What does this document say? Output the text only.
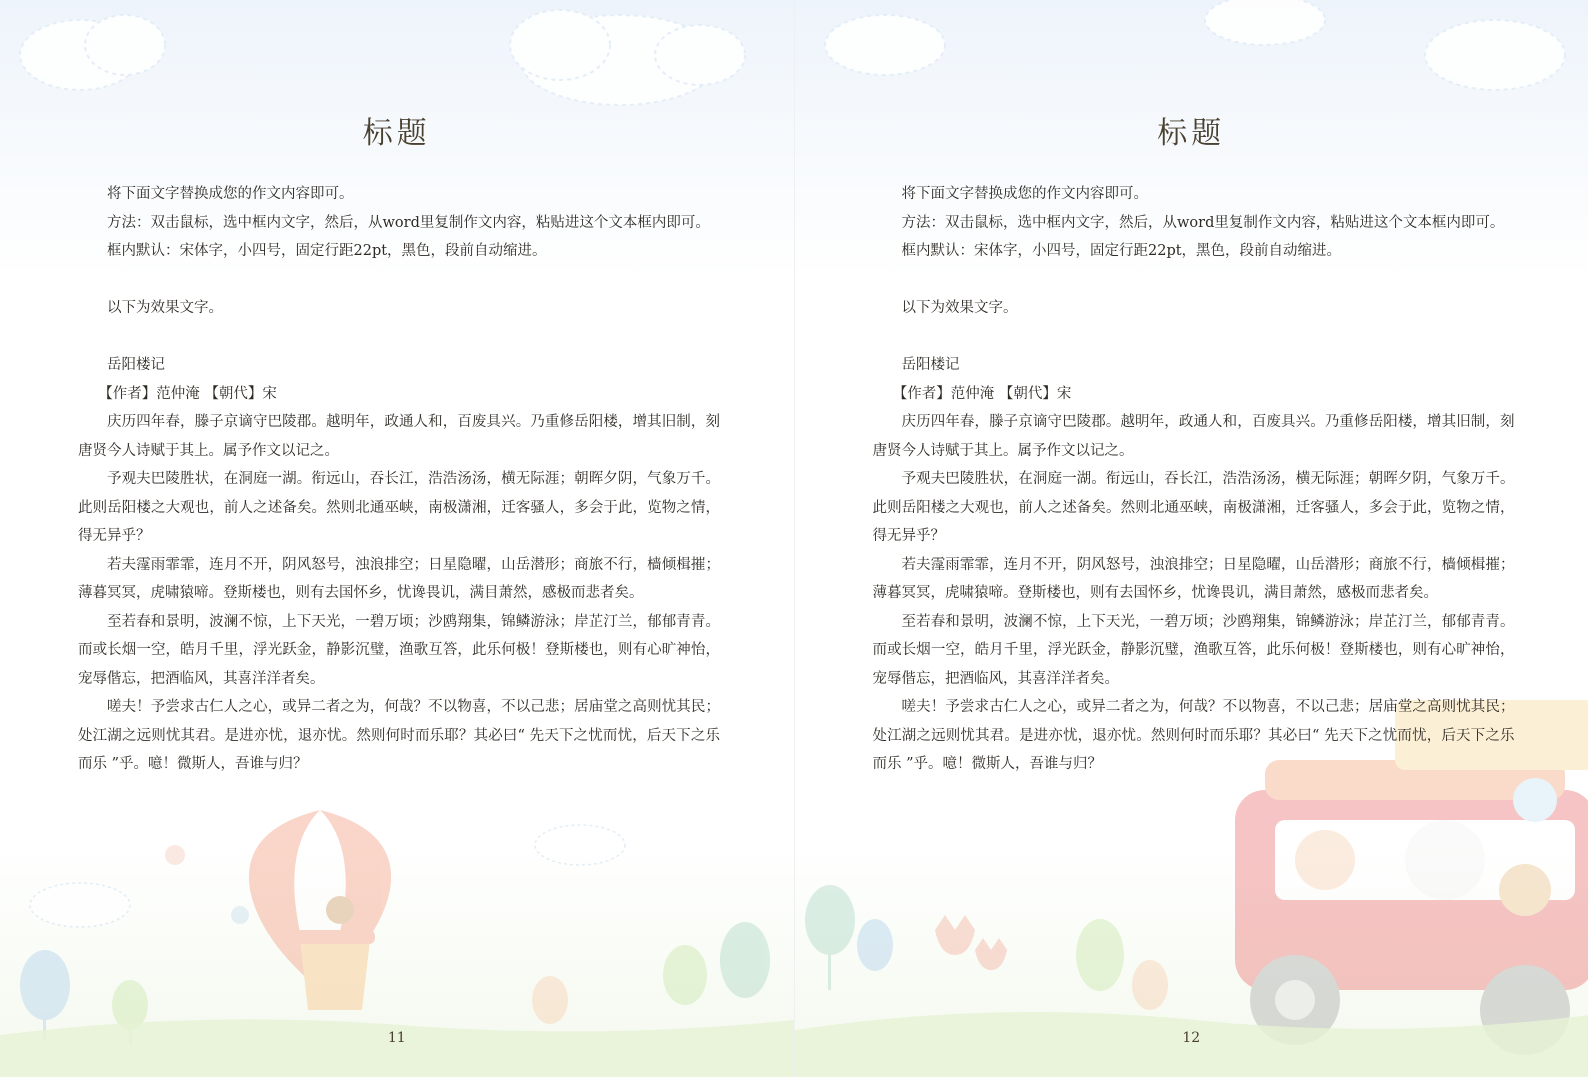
标题

将下面文字替换成您的作文内容即可。

方法：双击鼠标，选中框内文字，然后，从word里复制作文内容，粘贴进这个文本框内即可。

框内默认：宋体字，小四号，固定行距22pt，黑色，段前自动缩进。

以下为效果文字。

岳阳楼记

【作者】范仲淹 【朝代】宋

庆历四年春，滕子京谪守巴陵郡。越明年，政通人和，百废具兴。乃重修岳阳楼，增其旧制，刻唐贤今人诗赋于其上。属予作文以记之。

予观夫巴陵胜状，在洞庭一湖。衔远山，吞长江，浩浩汤汤，横无际涯；朝晖夕阴，气象万千。此则岳阳楼之大观也，前人之述备矣。然则北通巫峡，南极潇湘，迁客骚人，多会于此，览物之情，得无异乎？

若夫霪雨霏霏，连月不开，阴风怒号，浊浪排空；日星隐曜，山岳潜形；商旅不行，樯倾楫摧；薄暮冥冥，虎啸猿啼。登斯楼也，则有去国怀乡，忧谗畏讥，满目萧然，感极而悲者矣。

至若春和景明，波澜不惊，上下天光，一碧万顷；沙鸥翔集，锦鳞游泳；岸芷汀兰，郁郁青青。而或长烟一空，皓月千里，浮光跃金，静影沉璧，渔歌互答，此乐何极！登斯楼也，则有心旷神怡，宠辱偕忘，把酒临风，其喜洋洋者矣。

嗟夫！予尝求古仁人之心，或异二者之为，何哉？不以物喜，不以己悲；居庙堂之高则忧其民；处江湖之远则忧其君。是进亦忧，退亦忧。然则何时而乐耶？其必曰“ 先天下之忧而忧，后天下之乐而乐 ”乎。噫！微斯人，吾谁与归？

11
标题

将下面文字替换成您的作文内容即可。

方法：双击鼠标，选中框内文字，然后，从word里复制作文内容，粘贴进这个文本框内即可。

框内默认：宋体字，小四号，固定行距22pt，黑色，段前自动缩进。

以下为效果文字。

岳阳楼记

【作者】范仲淹 【朝代】宋

庆历四年春，滕子京谪守巴陵郡。越明年，政通人和，百废具兴。乃重修岳阳楼，增其旧制，刻唐贤今人诗赋于其上。属予作文以记之。

予观夫巴陵胜状，在洞庭一湖。衔远山，吞长江，浩浩汤汤，横无际涯；朝晖夕阴，气象万千。此则岳阳楼之大观也，前人之述备矣。然则北通巫峡，南极潇湘，迁客骚人，多会于此，览物之情，得无异乎？

若夫霪雨霏霏，连月不开，阴风怒号，浊浪排空；日星隐曜，山岳潜形；商旅不行，樯倾楫摧；薄暮冥冥，虎啸猿啼。登斯楼也，则有去国怀乡，忧谗畏讥，满目萧然，感极而悲者矣。

至若春和景明，波澜不惊，上下天光，一碧万顷；沙鸥翔集，锦鳞游泳；岸芷汀兰，郁郁青青。而或长烟一空，皓月千里，浮光跃金，静影沉璧，渔歌互答，此乐何极！登斯楼也，则有心旷神怡，宠辱偕忘，把酒临风，其喜洋洋者矣。

嗟夫！予尝求古仁人之心，或异二者之为，何哉？不以物喜，不以己悲；居庙堂之高则忧其民；处江湖之远则忧其君。是进亦忧，退亦忧。然则何时而乐耶？其必曰“ 先天下之忧而忧，后天下之乐而乐 ”乎。噫！微斯人，吾谁与归？

12
